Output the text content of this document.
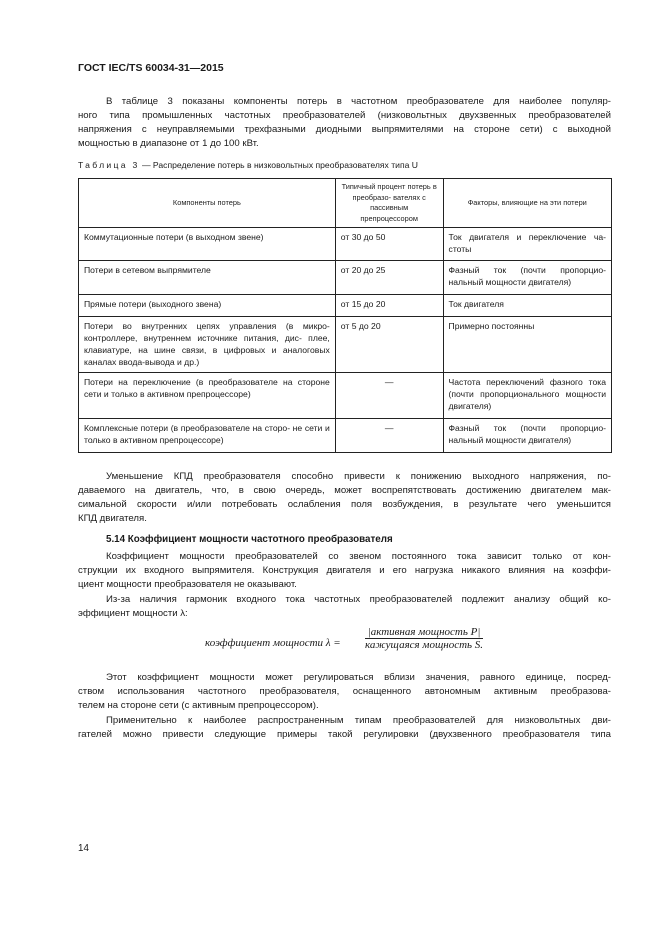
ГОСТ IEC/TS 60034-31—2015
В таблице 3 показаны компоненты потерь в частотном преобразователе для наиболее популяр-
ного типа промышленных частотных преобразователей (низковольтных двухзвенных преобразователей
напряжения с неуправляемыми трехфазными диодными выпрямителями на стороне сети) с выходной
мощностью в диапазоне от 1 до 100 кВт.
Таблица 3 — Распределение потерь в низковольтных преобразователях типа U
Компоненты потерь	Типичный процент потерь в преобразо- вателях с пассивным препроцессором	Факторы, влияющие на эти потери
Коммутационные потери (в выходном звене)	от 30 до 50	Ток двигателя и переключение ча- стоты
Потери в сетевом выпрямителе	от 20 до 25	Фазный ток (почти пропорцио- нальный мощности двигателя)
Прямые потери (выходного звена)	от 15 до 20	Ток двигателя
Потери во внутренних цепях управления (в микро- контроллере, внутреннем источнике питания, дис- плее, клавиатуре, на шине связи, в цифровых и аналоговых каналах ввода-вывода и др.)	от 5 до 20	Примерно постоянны
Потери на переключение (в преобразователе на стороне сети и только в активном препроцессоре)	—	Частота переключений фазного тока (почти пропорционального мощности двигателя)
Комплексные потери (в преобразователе на сторо- не сети и только в активном препроцессоре)	—	Фазный ток (почти пропорцио- нальный мощности двигателя)
Уменьшение КПД преобразователя способно привести к понижению выходного напряжения, по-
даваемого на двигатель, что, в свою очередь, может воспрепятствовать достижению двигателем мак-
симальной скорости и/или потребовать ослабления поля возбуждения, в результате чего уменьшится
КПД двигателя.
5.14 Коэффициент мощности частотного преобразователя
Коэффициент мощности преобразователей со звеном постоянного тока зависит только от кон-
струкции их входного выпрямителя. Конструкция двигателя и его нагрузка никакого влияния на коэффи-
циент мощности преобразователя не оказывают.
Из-за наличия гармоник входного тока частотных преобразователей подлежит анализу общий ко-
эффициент мощности λ:
коэффициент мощности λ =
|активная мощность P|
кажущаяся мощность S.
Этот коэффициент мощности может регулироваться вблизи значения, равного единице, посред-
ством использования частотного преобразователя, оснащенного автономным активным преобразова-
телем на стороне сети (с активным препроцессором).
Применительно к наиболее распространенным типам преобразователей для низковольтных дви-
гателей можно привести следующие примеры такой регулировки (двухзвенного преобразователя типа
14
